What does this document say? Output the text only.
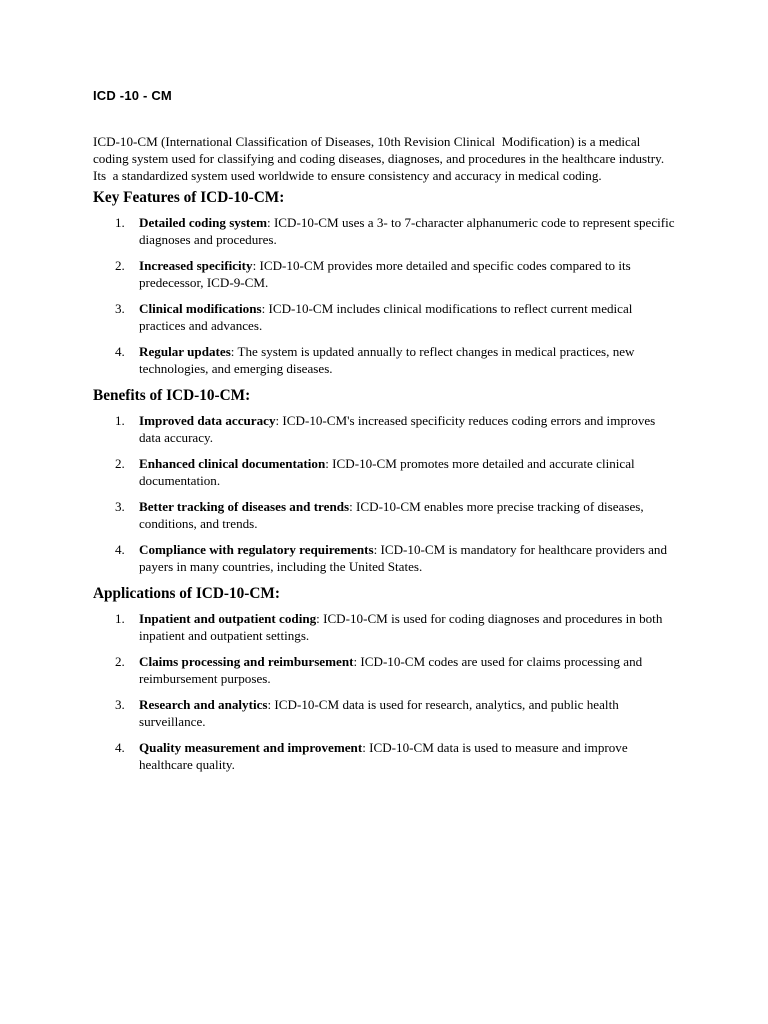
ICD -10 - CM

ICD-10-CM (International Classification of Diseases, 10th Revision Clinical  Modification) is a medical coding system used for classifying and coding diseases, diagnoses, and procedures in the healthcare industry. Its  a standardized system used worldwide to ensure consistency and accuracy in medical coding.

Key Features of ICD-10-CM:
1. Detailed coding system: ICD-10-CM uses a 3- to 7-character alphanumeric code to represent specific diagnoses and procedures.
2. Increased specificity: ICD-10-CM provides more detailed and specific codes compared to its predecessor, ICD-9-CM.
3. Clinical modifications: ICD-10-CM includes clinical modifications to reflect current medical practices and advances.
4. Regular updates: The system is updated annually to reflect changes in medical practices, new technologies, and emerging diseases.
Benefits of ICD-10-CM:
1. Improved data accuracy: ICD-10-CM's increased specificity reduces coding errors and improves data accuracy.
2. Enhanced clinical documentation: ICD-10-CM promotes more detailed and accurate clinical documentation.
3. Better tracking of diseases and trends: ICD-10-CM enables more precise tracking of diseases, conditions, and trends.
4. Compliance with regulatory requirements: ICD-10-CM is mandatory for healthcare providers and payers in many countries, including the United States.
Applications of ICD-10-CM:
1. Inpatient and outpatient coding: ICD-10-CM is used for coding diagnoses and procedures in both inpatient and outpatient settings.
2. Claims processing and reimbursement: ICD-10-CM codes are used for claims processing and reimbursement purposes.
3. Research and analytics: ICD-10-CM data is used for research, analytics, and public health surveillance.
4. Quality measurement and improvement: ICD-10-CM data is used to measure and improve healthcare quality.
